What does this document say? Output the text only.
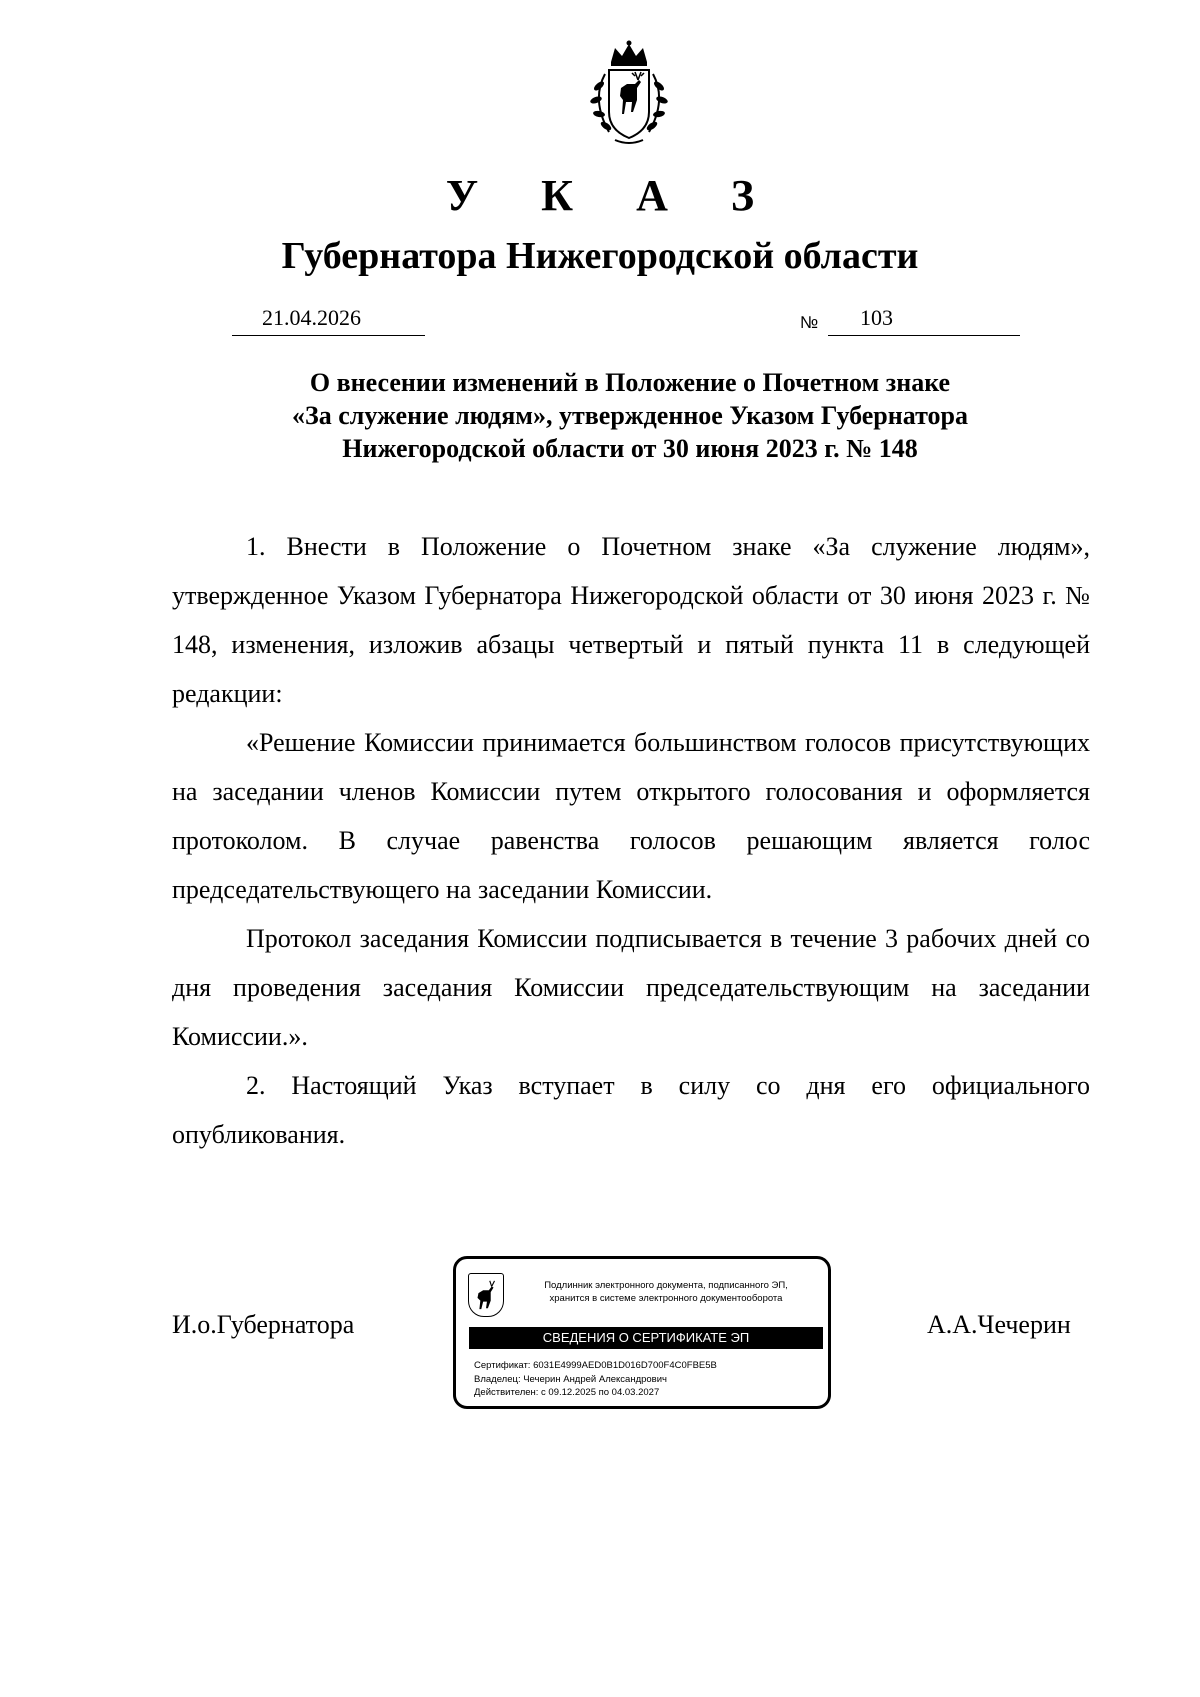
У К А З
Губернатора Нижегородской области
21.04.2026	№ 103
О внесении изменений в Положение о Почетном знаке
«За служение людям», утвержденное Указом Губернатора
Нижегородской области от 30 июня 2023 г. № 148

1. Внести в Положение о Почетном знаке «За служение людям», утвержденное Указом Губернатора Нижегородской области от 30 июня 2023 г. № 148, изменения, изложив абзацы четвертый и пятый пункта 11 в следующей редакции:

«Решение Комиссии принимается большинством голосов присутствующих на заседании членов Комиссии путем открытого голосования и оформляется протоколом. В случае равенства голосов решающим является голос председательствующего на заседании Комиссии.

Протокол заседания Комиссии подписывается в течение 3 рабочих дней со дня проведения заседания Комиссии председательствующим на заседании Комиссии.».

2. Настоящий Указ вступает в силу со дня его официального опубликования.

И.о.Губернатора
Подлинник электронного документа, подписанного ЭП,
хранится в системе электронного документооборота
СВЕДЕНИЯ О СЕРТИФИКАТЕ ЭП
Сертификат: 6031E4999AED0B1D016D700F4C0FBE5B
Владелец: Чечерин Андрей Александрович
Действителен: с 09.12.2025 по 04.03.2027
А.А.Чечерин
